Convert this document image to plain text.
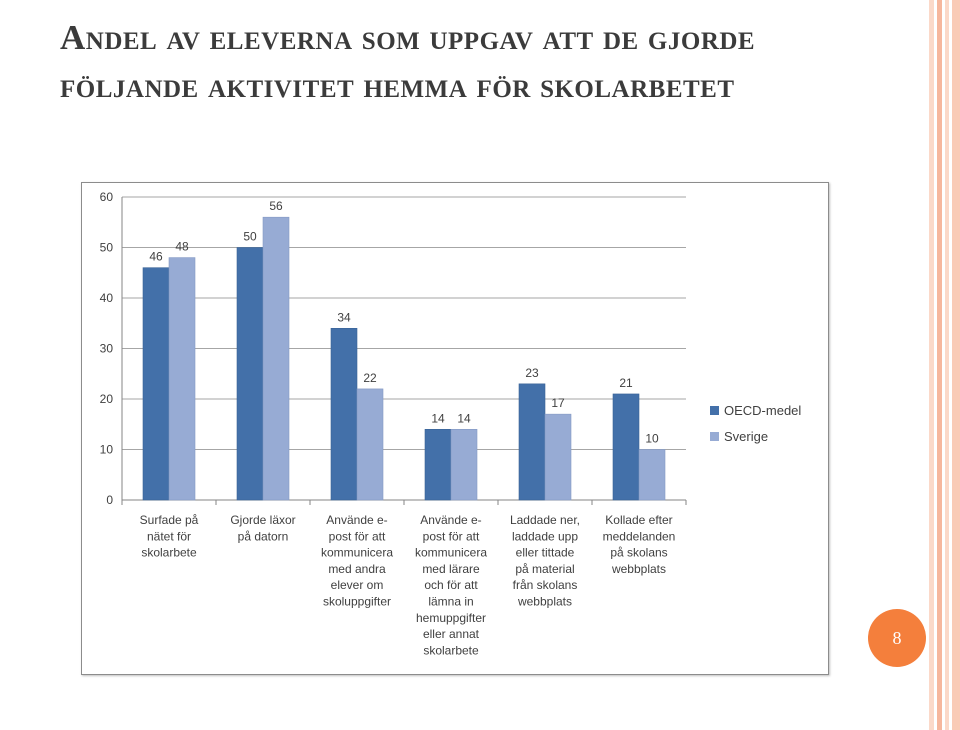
Andel av eleverna som uppgav att de gjorde följande aktivitet hemma för skolarbetet
0
10
20
30
40
50
60
46
50
34
14
23
21
48
56
22
14
17
10
Surfade på nätet för skolarbete
Gjorde läxor på datorn
Använde e-post för att kommunicera med andra elever om skoluppgifter
Använde e-post för att kommunicera med lärare och för att lämna in hemuppgifter eller annat skolarbete
Laddade ner, laddade upp eller tittade på material från skolans webbplats
Kollade efter meddelanden på skolans webbplats
OECD-medel
Sverige
8
